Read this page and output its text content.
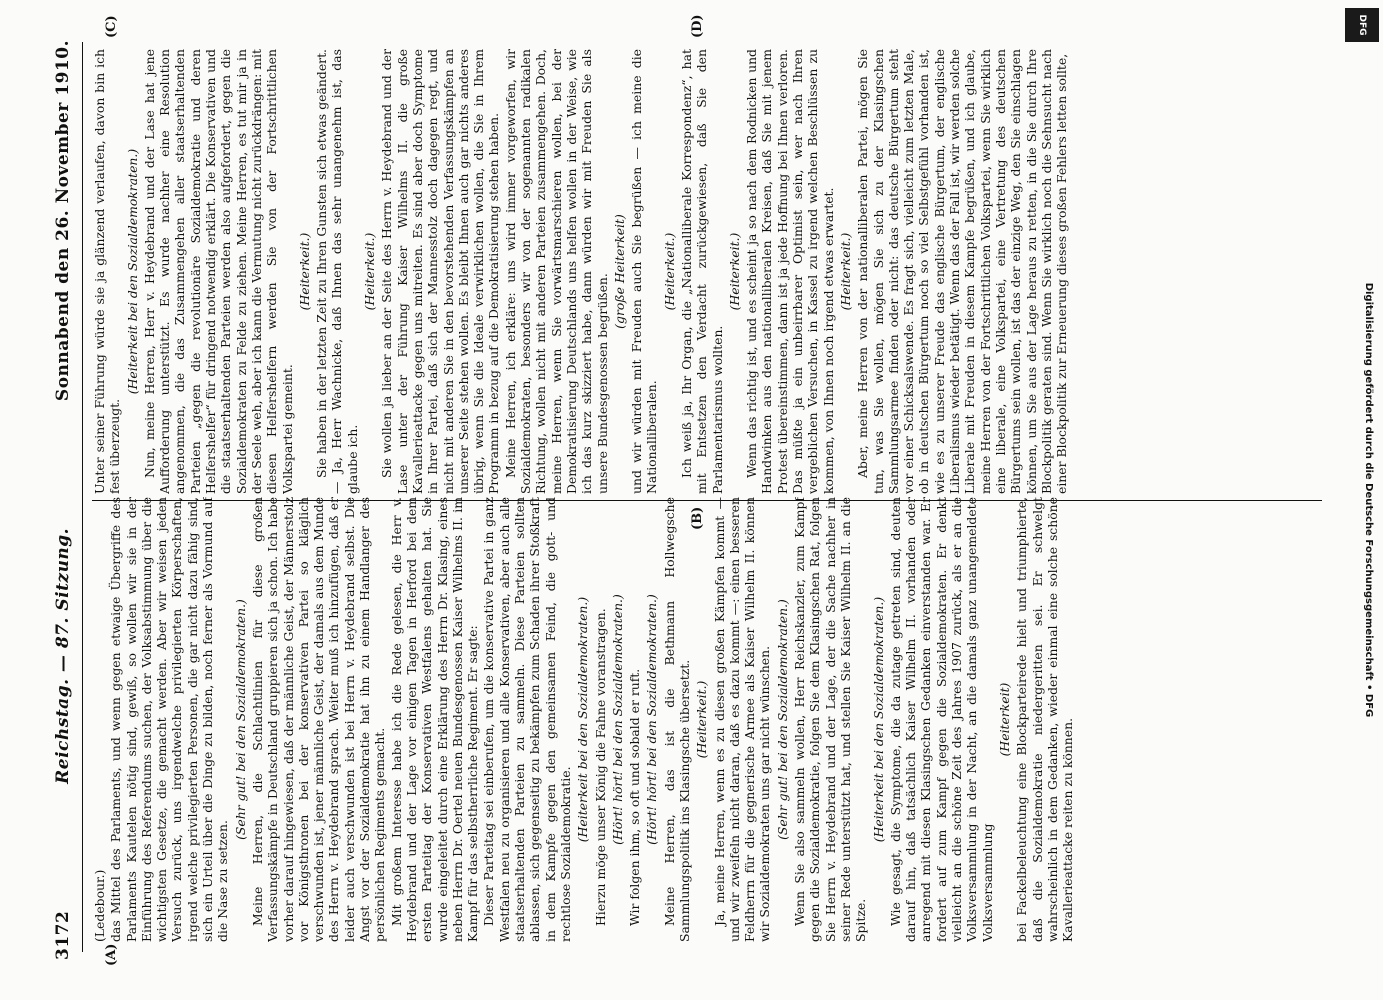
3172
Reichstag. — 87. Sitzung.
Sonnabend den 26. November 1910.

(Ledebour.) das Mittel des Parlaments, und wenn gegen etwaige Übergriffe des Parlaments Kautelen nötig sind, gewiß, so wollen wir sie in der Einführung des Referendums suchen, der Volksabstimmung über die wichtigsten Gesetze, die gemacht werden. Aber wir weisen jeden Versuch zurück, uns irgendwelche privilegierten Körperschaften, irgend welche privilegierten Personen, die gar nicht dazu fähig sind, sich ein Urteil über die Dinge zu bilden, noch ferner als Vormund auf die Nase zu setzen.

(Sehr gut! bei den Sozialdemokraten.) Meine Herren, die Schlachtlinien für diese großen Verfassungskämpfe in Deutschland gruppieren sich ja schon. Ich habe vorher darauf hingewiesen, daß der männliche Geist, der Männerstolz vor Königsthronen bei der konservativen Partei so kläglich verschwunden ist, jener männliche Geist, der damals aus dem Munde des Herrn v. Heydebrand sprach. Weiter muß ich hinzufügen, daß er leider auch verschwunden ist bei Herrn v. Heydebrand selbst. Die Angst vor der Sozialdemokratie hat ihn zu einem Handlanger des persönlichen Regiments gemacht. Mit großem Interesse habe ich die Rede gelesen, die Herr v. Heydebrand und der Lage vor einigen Tagen in Herford bei dem ersten Parteitag der Konservativen Westfalens gehalten hat. Sie wurde eingeleitet durch eine Erklärung des Herrn Dr. Klasing, eines neben Herrn Dr. Oertel neuen Bundesgenossen Kaiser Wilhelms II. im Kampf für das selbstherrliche Regiment. Er sagte: Dieser Parteitag sei einberufen, um die konservative Partei in ganz Westfalen neu zu organisieren und alle Konservativen, aber auch alle staatserhaltenden Parteien zu sammeln. Diese Parteien sollten ablassen, sich gegenseitig zu bekämpfen zum Schaden ihrer Stoßkraft in dem Kampfe gegen den gemeinsamen Feind, die gott- und rechtlose Sozialdemokratie.

(Heiterkeit bei den Sozialdemokraten.) Hierzu möge unser König die Fahne voranstragen. (Hört! hört! bei den Sozialdemokraten.) Wir folgen ihm, so oft und sobald er ruft. (Hört! hört! bei den Sozialdemokraten.) Meine Herren, das ist die Bethmann Hollwegsche Sammlungspolitik ins Klasingsche übersetzt. (Heiterkeit.) Ja, meine Herren, wenn es zu diesen großen Kämpfen kommt — und wir zweifeln nicht daran, daß es dazu kommt —: einen besseren Feldherrn für die gegnerische Armee als Kaiser Wilhelm II. können wir Sozialdemokraten uns gar nicht wünschen. (Sehr gut! bei den Sozialdemokraten.) Wenn Sie also sammeln wollen, Herr Reichskanzler, zum Kampf gegen die Sozialdemokratie, folgen Sie dem Klasingschen Rat, folgen Sie Herrn v. Heydebrand und der Lage, der die Sache nachher in seiner Rede unterstützt hat, und stellen Sie Kaiser Wilhelm II. an die Spitze.

(Heiterkeit bei den Sozialdemokraten.) Wie gesagt, die Symptome, die da zutage getreten sind, deuten darauf hin, daß tatsächlich Kaiser Wilhelm II. vorhanden oder anregend mit diesen Klasingschen Gedanken einverstanden war. Er fordert auf zum Kampf gegen die Sozialdemokraten. Er denkt vielleicht an die schöne Zeit des Jahres 1907 zurück, als er an die Volksversammlung in der Nacht, an die damals ganz unangemeldete Volksversammlung

(Heiterkeit) bei Fackelbeleuchtung eine Blockparteirede hielt und triumphierte, daß die Sozialdemokratie niedergeritten sei. Er schwelgt wahrscheinlich in dem Gedanken, wieder einmal eine solche schöne Kavallerieattacke reiten zu können.

Unter seiner Führung würde sie ja glänzend verlaufen, davon bin ich fest überzeugt.

(Heiterkeit bei den Sozialdemokraten.) Nun, meine Herren, Herr v. Heydebrand und der Lase hat jene Aufforderung unterstützt. Es wurde nachher eine Resolution angenommen, die das Zusammengehen aller staatserhaltenden Parteien „gegen die revolutionäre Sozialdemokratie und deren Helfershelfer“ für dringend notwendig erklärt. Die Konservativen und die staatserhaltenden Parteien werden also aufgefordert, gegen die Sozialdemokraten zu Felde zu ziehen. Meine Herren, es tut mir ja in der Seele weh, aber ich kann die Vermutung nicht zurückdrängen: mit diesen Helfershelfern werden Sie von der Fortschrittlichen Volkspartei gemeint.

(Heiterkeit.) Sie haben in der letzten Zeit zu Ihren Gunsten sich etwas geändert. — Ja, Herr Wachnicke, daß Ihnen das sehr unangenehm ist, das glaube ich.

(Heiterkeit.) Sie wollen ja lieber an der Seite des Herrn v. Heydebrand und der Lase unter der Führung Kaiser Wilhelms II. die große Kavallerieattacke gegen uns mitreiten. Es sind aber doch Symptome in Ihrer Partei, daß sich der Mannesstolz doch dagegen regt, und nicht mit anderen Sie in den bevorstehenden Verfassungskämpfen an unserer Seite stehen wollen. Es bleibt Ihnen auch gar nichts anderes übrig, wenn Sie die Ideale verwirklichen wollen, die Sie in Ihrem Programm in bezug auf die Demokratisierung stehen haben. Meine Herren, ich erkläre: uns wird immer vorgeworfen, wir Sozialdemokraten, besonders wir von der sogenannten radikalen Richtung, wollen nicht mit anderen Parteien zusammengehen. Doch, meine Herren, wenn Sie vorwärtsmarschieren wollen, bei der Demokratisierung Deutschlands uns helfen wollen in der Weise, wie ich das kurz skizziert habe, dann würden wir mit Freuden Sie als unsere Bundesgenossen begrüßen.

(große Heiterkeit) und wir würden mit Freuden auch Sie begrüßen — ich meine die Nationalliberalen.

(Heiterkeit.) Ich weiß ja, Ihr Organ, die „Nationalliberale Korrespondenz“, hat mit Entsetzen den Verdacht zurückgewiesen, daß Sie den Parlamentarismus wollten.

(Heiterkeit.) Wenn das richtig ist, und es scheint ja so nach dem Rodnicken und Handwinken aus den nationalliberalen Kreisen, daß Sie mit jenem Protest übereinstimmen, dann ist ja jede Hoffnung bei Ihnen verloren. Das müßte ja ein unbeirrbarer Optimist sein, wer nach Ihren vergeblichen Versuchen, in Kassel zu irgend welchen Beschlüssen zu kommen, von Ihnen noch irgend etwas erwartet. (Heiterkeit.) Aber, meine Herren von der nationalliberalen Partei, mögen Sie tun, was Sie wollen, mögen Sie sich zu der Klasingschen Sammlungsarmee finden oder nicht: das deutsche Bürgertum steht vor einer Schicksalswende. Es fragt sich, vielleicht zum letzten Male, ob in deutschen Bürgertum noch so viel Selbstgefühl vorhanden ist, wie es zu unserer Freude das englische Bürgertum, der englische Liberalismus wieder betätigt. Wenn das der Fall ist, wir werden solche Liberale mit Freuden in diesem Kampfe begrüßen, und ich glaube, meine Herren von der Fortschrittlichen Volkspartei, wenn Sie wirklich eine liberale, eine Volkspartei, eine Vertretung des deutschen Bürgertums sein wollen, ist das der einzige Weg, den Sie einschlagen können, um Sie aus der Lage heraus zu retten, in die Sie durch Ihre Blockpolitik geraten sind. Wenn Sie wirklich noch die Sehnsucht nach einer Blockpolitik zur Erneuerung dieses großen Fehlers letten sollte,

(A)
(B)
(C)	(D)	DFG
Digitalisierung gefördert durch die Deutsche Forschungsgemeinschaft • DFG
